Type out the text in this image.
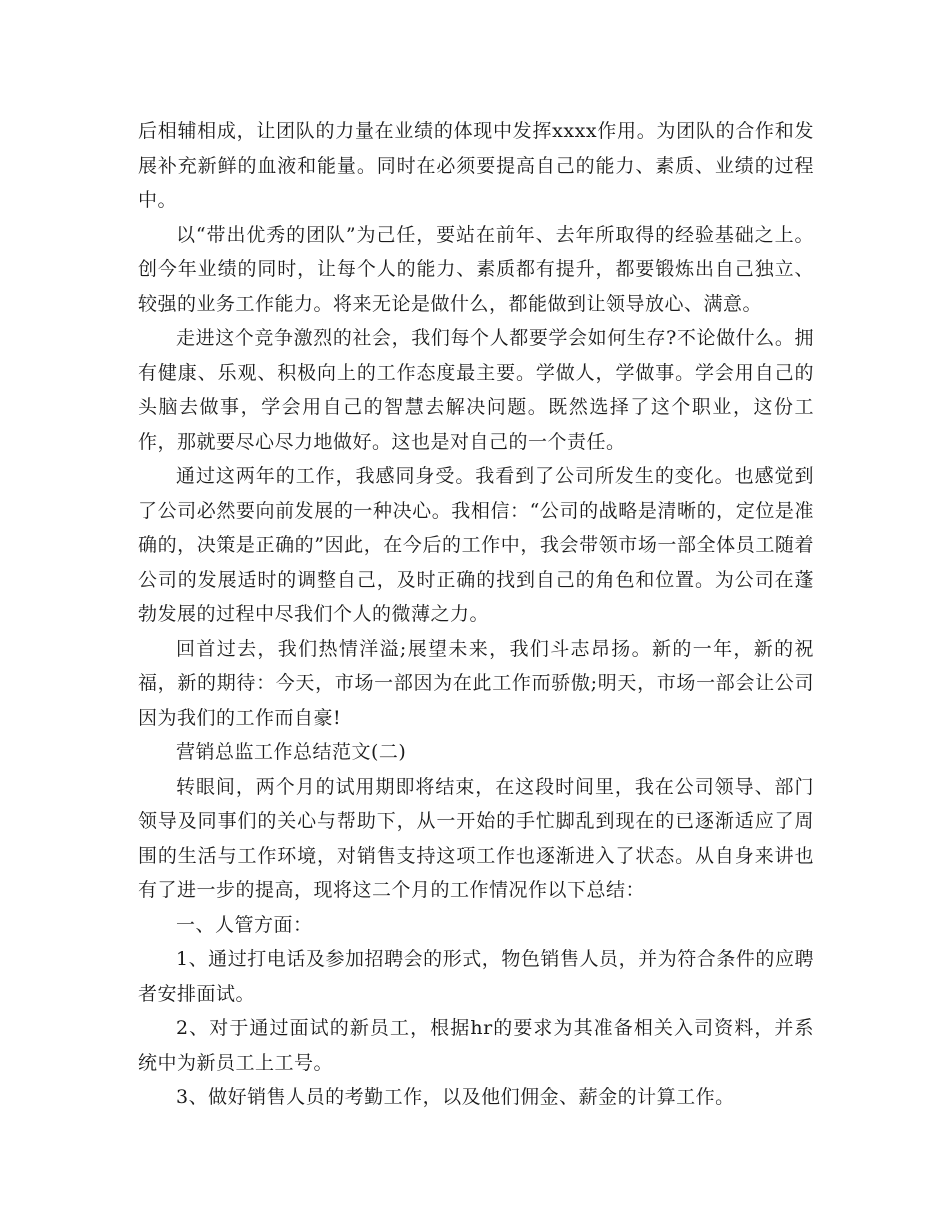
后相辅相成，让团队的力量在业绩的体现中发挥xxxx作用。为团队的合作和发展补充新鲜的血液和能量。同时在必须要提高自己的能力、素质、业绩的过程中。

以“带出优秀的团队”为己任，要站在前年、去年所取得的经验基础之上。创今年业绩的同时，让每个人的能力、素质都有提升，都要锻炼出自己独立、较强的业务工作能力。将来无论是做什么，都能做到让领导放心、满意。

走进这个竞争激烈的社会，我们每个人都要学会如何生存?不论做什么。拥有健康、乐观、积极向上的工作态度最主要。学做人，学做事。学会用自己的头脑去做事，学会用自己的智慧去解决问题。既然选择了这个职业，这份工作，那就要尽心尽力地做好。这也是对自己的一个责任。

通过这两年的工作，我感同身受。我看到了公司所发生的变化。也感觉到了公司必然要向前发展的一种决心。我相信：“公司的战略是清晰的，定位是准确的，决策是正确的”因此，在今后的工作中，我会带领市场一部全体员工随着公司的发展适时的调整自己，及时正确的找到自己的角色和位置。为公司在蓬勃发展的过程中尽我们个人的微薄之力。

回首过去，我们热情洋溢;展望未来，我们斗志昂扬。新的一年，新的祝福，新的期待：今天，市场一部因为在此工作而骄傲;明天，市场一部会让公司因为我们的工作而自豪!

营销总监工作总结范文(二)

转眼间，两个月的试用期即将结束，在这段时间里，我在公司领导、部门领导及同事们的关心与帮助下，从一开始的手忙脚乱到现在的已逐渐适应了周围的生活与工作环境，对销售支持这项工作也逐渐进入了状态。从自身来讲也有了进一步的提高，现将这二个月的工作情况作以下总结：

一、人管方面：

1、通过打电话及参加招聘会的形式，物色销售人员，并为符合条件的应聘者安排面试。

2、对于通过面试的新员工，根据hr的要求为其准备相关入司资料，并系统中为新员工上工号。

3、做好销售人员的考勤工作，以及他们佣金、薪金的计算工作。
